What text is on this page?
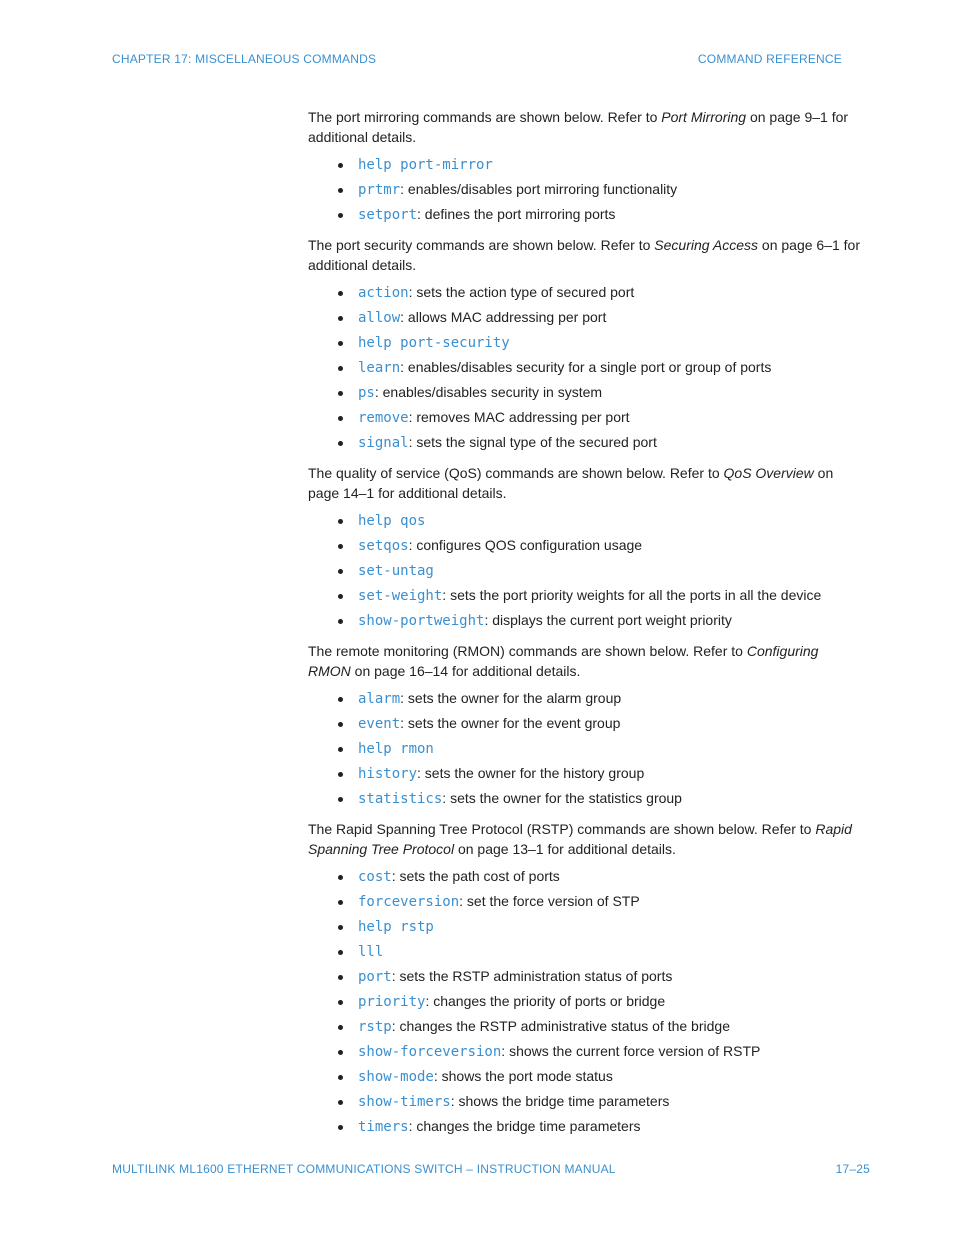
CHAPTER 17: MISCELLANEOUS COMMANDS	COMMAND REFERENCE

The port mirroring commands are shown below. Refer to Port Mirroring on page 9–1 for additional details.

help port-mirror
prtmr: enables/disables port mirroring functionality
setport: defines the port mirroring ports

The port security commands are shown below. Refer to Securing Access on page 6–1 for additional details.

action: sets the action type of secured port
allow: allows MAC addressing per port
help port-security
learn: enables/disables security for a single port or group of ports
ps: enables/disables security in system
remove: removes MAC addressing per port
signal: sets the signal type of the secured port

The quality of service (QoS) commands are shown below. Refer to QoS Overview on page 14–1 for additional details.

help qos
setqos: configures QOS configuration usage
set-untag
set-weight: sets the port priority weights for all the ports in all the device
show-portweight: displays the current port weight priority

The remote monitoring (RMON) commands are shown below. Refer to Configuring RMON on page 16–14 for additional details.

alarm: sets the owner for the alarm group
event: sets the owner for the event group
help rmon
history: sets the owner for the history group
statistics: sets the owner for the statistics group

The Rapid Spanning Tree Protocol (RSTP) commands are shown below. Refer to Rapid Spanning Tree Protocol on page 13–1 for additional details.

cost: sets the path cost of ports
forceversion: set the force version of STP
help rstp
lll
port: sets the RSTP administration status of ports
priority: changes the priority of ports or bridge
rstp: changes the RSTP administrative status of the bridge
show-forceversion: shows the current force version of RSTP
show-mode: shows the port mode status
show-timers: shows the bridge time parameters
timers: changes the bridge time parameters
MULTILINK ML1600 ETHERNET COMMUNICATIONS SWITCH – INSTRUCTION MANUAL	17–25
